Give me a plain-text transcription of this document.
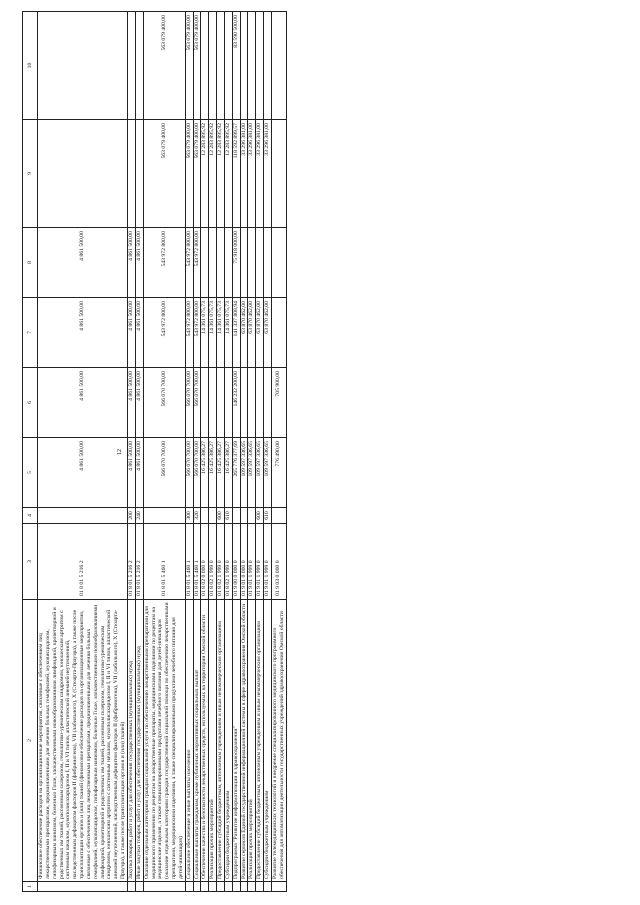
12
1	2	3	4	5	6	7	8	9	10
	Финансовое обеспечение расходов на организационные мероприятия, связанные с обеспечением лиц лекарственными препаратами, предназначенными для лечения больных гемофилией, муковисцидозом, гипофизарным нанизмом, болезнью Гоше, злокачественными новообразованиями лимфоидной, кроветворной и родственных им тканей, рассеянным склерозом, гемолитико-уремическим синдромом, юношеским артритом с системным началом, мукополисахаридозом I, II и VI типов, апластической анемией неуточненной, наследственным дефицитом факторов II (фибриногена), VII (лабильного), X (Стюарта-Прауэра), а также после трансплантации органов и (или) тканей (финансовое обеспечение расходов на организационные мероприятия, связанные с обеспечением лиц лекарственными препаратами, предназначенными для лечения больных гемофилией, муковисцидозом, гипофизарным нанизмом, болезнью Гоше, злокачественными новообразованиями лимфоидной, кроветворной и родственных им тканей, рассеянным склерозом, гемолитико-уремическим синдромом, юношеским артритом с системным началом, мукополисахаридозом I, II и VI типов, апластической анемией неуточненной, наследственным дефицитом факторов II (фибриногена), VII (лабильного), X (Стюарта-Прауэра), а также после трансплантации органов и (или) тканей)	01 8 01 5 216 2		4 861 500,00	4 861 500,00	4 861 500,00	4 861 500,00		
	Закупка товаров, работ и услуг для обеспечения государственных (муниципальных) нужд	01 8 01 5 216 2	200	4 861 500,00	4 861 500,00	4 861 500,00	4 861 500,00		
	Иные закупки товаров, работ и услуг для обеспечения государственных (муниципальных) нужд	01 8 01 5 216 2	240	4 861 500,00	4 861 500,00	4 861 500,00	4 861 500,00		
	Оказание отдельным категориям граждан социальной услуги по обеспечению лекарственными препаратами для медицинского применения по рецептам на лекарственные препараты, медицинскими изделиями по рецептам на медицинские изделия, а также специализированными продуктами лечебного питания для детей-инвалидов (оказание отдельным категориям граждан государственной социальной помощи по обеспечению лекарственными препаратами, медицинскими изделиями, а также специализированными продуктами лечебного питания для детей-инвалидов)	01 8 01 5 460 1		566 070 700,00	566 070 700,00	543 972 800,00	543 972 800,00	563 079 400,00	563 079 400,00
	Социальное обеспечение и иные выплаты населению	01 8 01 5 460 1	300	566 070 700,00	566 070 700,00	543 972 800,00	543 972 800,00	563 079 400,00	563 079 400,00
	Социальные выплаты гражданам, кроме публичных нормативных социальных выплат	01 8 01 5 460 1	320	566 070 700,00	566 070 700,00	543 972 800,00	543 972 800,00	563 079 400,00	563 079 400,00
	Обеспечение качества и безопасности лекарственных средств, используемых на территории Омской области	01 8 02 0 000 0		16 425 386,27		14 361 075,73		12 283 895,92	
	Реализация прочих мероприятий	01 8 02 1 999 0		16 425 386,27		14 361 075,73		12 283 895,92	
	Предоставление субсидий бюджетным, автономным учреждениям и иным некоммерческим организациям	01 8 02 1 999 0	600	16 425 386,27		14 361 075,73		12 283 895,92	
	Субсидии бюджетным учреждениям	01 8 02 1 999 0	610	16 425 386,27		14 361 075,73		12 283 895,92	
	Подпрограмма "Развитие информатизации в здравоохранении"	01 9 00 0 000 0		265 776 377,69	146 232 200,00	141 337 808,94	75 918 000,00	118 592 899,57	83 590 500,00
	Развитие сервисов Единой государственной информационной системы в сфере здравоохранения Омской области	01 9 01 0 000 0		109 597 336,65		63 870 462,00		33 296 381,00	
	Реализация прочих мероприятий	01 9 01 1 999 0		109 597 336,65		63 870 462,00		33 296 381,00	
	Предоставление субсидий бюджетным, автономным учреждениям и иным некоммерческим организациям	01 9 01 1 999 0	600	109 597 336,65		63 870 462,00		33 296 381,00	
	Субсидии бюджетным учреждениям	01 9 01 1 999 0	610	109 597 336,65		63 870 462,00		33 296 381,00	
	Развитие телемедицинских технологий и внедрение специализированного медицинского программного обеспечения для автоматизации деятельности государственных учреждений здравоохранения Омской области	01 9 03 0 000 0		776 490,00	705 900,00				
